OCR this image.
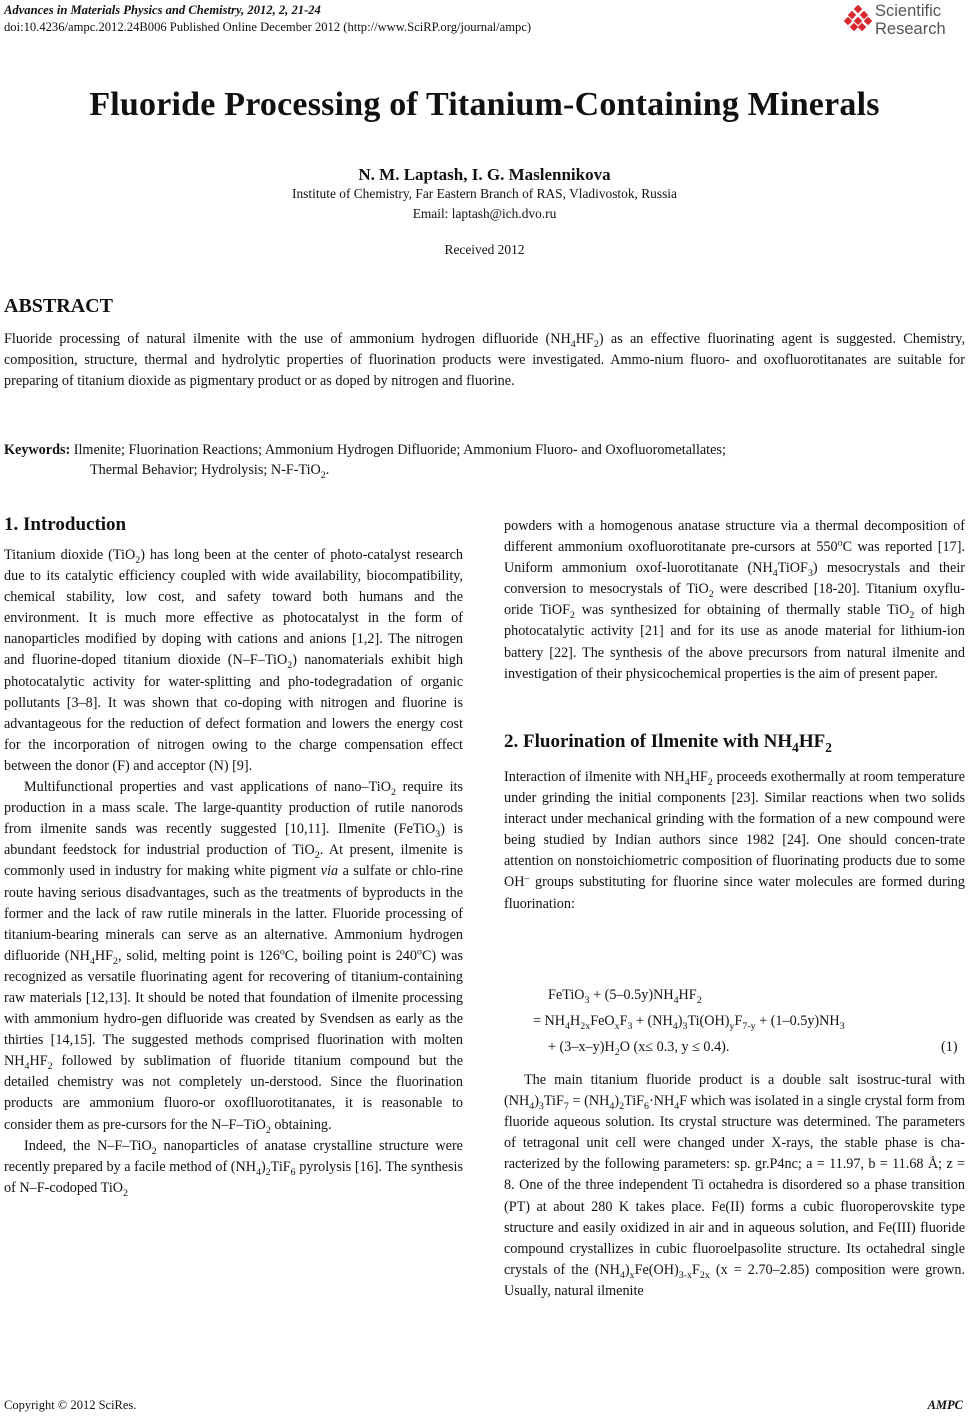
Advances in Materials Physics and Chemistry, 2012, 2, 21-24
doi:10.4236/ampc.2012.24B006 Published Online December 2012 (http://www.SciRP.org/journal/ampc)
Scientific
Research
Fluoride Processing of Titanium-Containing Minerals
N. M. Laptash, I. G. Maslennikova
Institute of Chemistry, Far Eastern Branch of RAS, Vladivostok, Russia
Email: laptash@ich.dvo.ru
Received 2012
ABSTRACT
Fluoride processing of natural ilmenite with the use of ammonium hydrogen difluoride $(NH_4HF_2)$ as an effective fluorinating agent is suggested. Chemistry, composition, structure, thermal and hydrolytic properties of fluorination products were investigated. Ammo-nium fluoro- and oxofluorotitanates are suitable for preparing of titanium dioxide as pigmentary product or as doped by nitrogen and fluorine.
Keywords: Ilmenite; Fluorination Reactions; Ammonium Hydrogen Difluoride; Ammonium Fluoro- and Oxofluorometallates;
Thermal Behavior; Hydrolysis; N-F-TiO$_2$.
1. Introduction

Titanium dioxide (TiO$_2$) has long been at the center of photo-catalyst research due to its catalytic efficiency coupled with wide availability, biocompatibility, chemical stability, low cost, and safety toward both humans and the environment. It is much more effective as photocatalyst in the form of nanoparticles modified by doping with cations and anions [1,2]. The nitrogen and fluorine-doped titanium dioxide (N–F–TiO$_2$) nanomaterials exhibit high photocatalytic activity for water-splitting and pho-todegradation of organic pollutants [3–8]. It was shown that co-doping with nitrogen and fluorine is advantageous for the reduction of defect formation and lowers the energy cost for the incorporation of nitrogen owing to the charge compensation effect between the donor (F) and acceptor (N) [9].

Multifunctional properties and vast applications of nano–TiO$_2$ require its production in a mass scale. The large-quantity production of rutile nanorods from ilmenite sands was recently suggested [10,11]. Ilmenite (FeTiO$_3$) is abundant feedstock for industrial production of TiO$_2$. At present, ilmenite is commonly used in industry for making white pigment via a sulfate or chlo-rine route having serious disadvantages, such as the treatments of byproducts in the former and the lack of raw rutile minerals in the latter. Fluoride processing of titanium-bearing minerals can serve as an alternative. Ammonium hydrogen difluoride ($NH_4HF_2$, solid, melting point is 126$^o$C, boiling point is 240$^o$C) was recognized as versatile fluorinating agent for recovering of titanium-containing raw materials [12,13]. It should be noted that foundation of ilmenite processing with ammonium hydro-gen difluoride was created by Svendsen as early as the thirties [14,15]. The suggested methods comprised fluorination with molten $NH_4HF_2$ followed by sublimation of fluoride titanium compound but the detailed chemistry was not completely un-derstood. Since the fluorination products are ammonium fluoro-or oxoflluorotitanates, it is reasonable to consider them as pre-cursors for the N–F–TiO$_2$ obtaining.

Indeed, the N–F–TiO$_2$ nanoparticles of anatase crystalline structure were recently prepared by a facile method of $(NH_4)_2TiF_6$ pyrolysis [16]. The synthesis of N–F-codoped TiO$_2$

powders with a homogenous anatase structure via a thermal decomposition of different ammonium oxofluorotitanate pre-cursors at 550$^o$C was reported [17]. Uniform ammonium oxof-luorotitanate $(NH_4TiOF_3)$ mesocrystals and their conversion to mesocrystals of TiO$_2$ were described [18-20]. Titanium oxyflu-oride TiOF$_2$ was synthesized for obtaining of thermally stable TiO$_2$ of high photocatalytic activity [21] and for its use as anode material for lithium-ion battery [22]. The synthesis of the above precursors from natural ilmenite and investigation of their physicochemical properties is the aim of present paper.

2. Fluorination of Ilmenite with $NH_4HF_2$

Interaction of ilmenite with $NH_4HF_2$ proceeds exothermally at room temperature under grinding the initial components [23]. Similar reactions when two solids interact under mechanical grinding with the formation of a new compound were being studied by Indian authors since 1982 [24]. One should concen-trate attention on nonstoichiometric composition of fluorinating products due to some OH– groups substituting for fluorine since water molecules are formed during fluorination:

FeTiO$_3$ + $(5-0.5y)NH_4HF_2$
= $NH_4H_{2x}FeO_xF_3 + (NH_4)_3Ti(OH)_yF_{7-y} + (1-0.5y)NH_3$
+ $(3-x-y)H_2O$ (x≤ 0.3, y ≤ 0.4).	(1)

The main titanium fluoride product is a double salt isostruc-tural with $(NH_4)_3TiF_7 = (NH_4)_2TiF_6\cdot NH_4F$ which was isolated in a single crystal form from fluoride aqueous solution. Its crystal structure was determined. The parameters of tetragonal unit cell were changed under X-rays, the stable phase is cha-racterized by the following parameters: sp. gr.P4nc; a = 11.97, b = 11.68 Å; z = 8. One of the three independent Ti octahedra is disordered so a phase transition (PT) at about 280 K takes place. Fe(II) forms a cubic fluoroperovskite type structure and easily oxidized in air and in aqueous solution, and Fe(III) fluoride compound crystallizes in cubic fluoroelpasolite structure. Its octahedral single crystals of the $(NH_4)_xFe(OH)_{3-x}F_{2x}$ (x = 2.70–2.85) composition were grown. Usually, natural ilmenite

Copyright © 2012 SciRes.	AMPC
